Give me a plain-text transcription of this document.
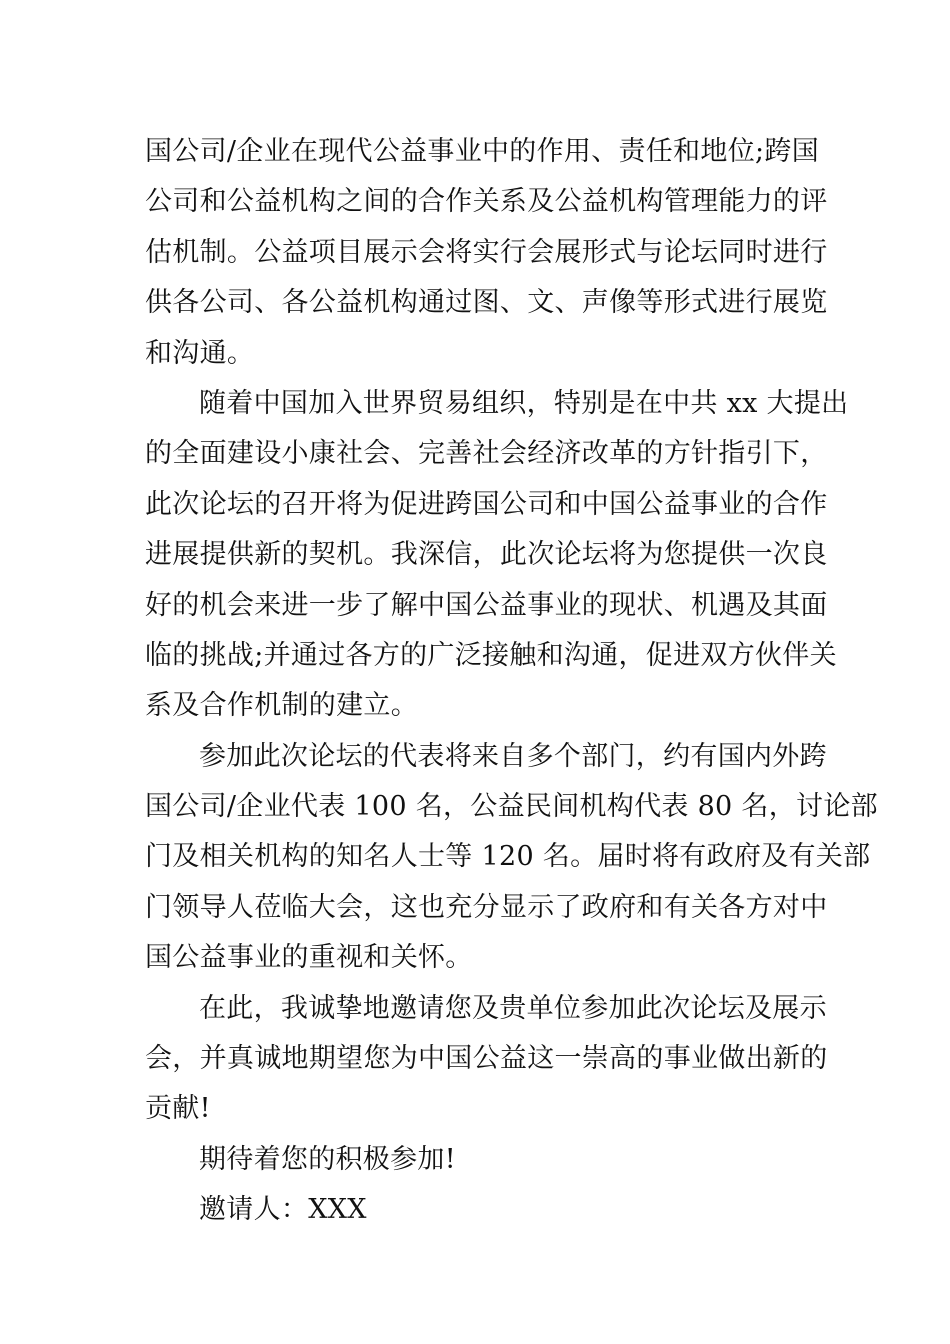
国公司/企业在现代公益事业中的作用、责任和地位;跨国
公司和公益机构之间的合作关系及公益机构管理能力的评
估机制。公益项目展示会将实行会展形式与论坛同时进行
供各公司、各公益机构通过图、文、声像等形式进行展览
和沟通。
随着中国加入世界贸易组织，特别是在中共 xx 大提出
的全面建设小康社会、完善社会经济改革的方针指引下，
此次论坛的召开将为促进跨国公司和中国公益事业的合作
进展提供新的契机。我深信，此次论坛将为您提供一次良
好的机会来进一步了解中国公益事业的现状、机遇及其面
临的挑战;并通过各方的广泛接触和沟通，促进双方伙伴关
系及合作机制的建立。
参加此次论坛的代表将来自多个部门，约有国内外跨
国公司/企业代表 100 名，公益民间机构代表 80 名，讨论部
门及相关机构的知名人士等 120 名。届时将有政府及有关部
门领导人莅临大会，这也充分显示了政府和有关各方对中
国公益事业的重视和关怀。
在此，我诚挚地邀请您及贵单位参加此次论坛及展示
会，并真诚地期望您为中国公益这一崇高的事业做出新的
贡献!
期待着您的积极参加!
邀请人：XXX
